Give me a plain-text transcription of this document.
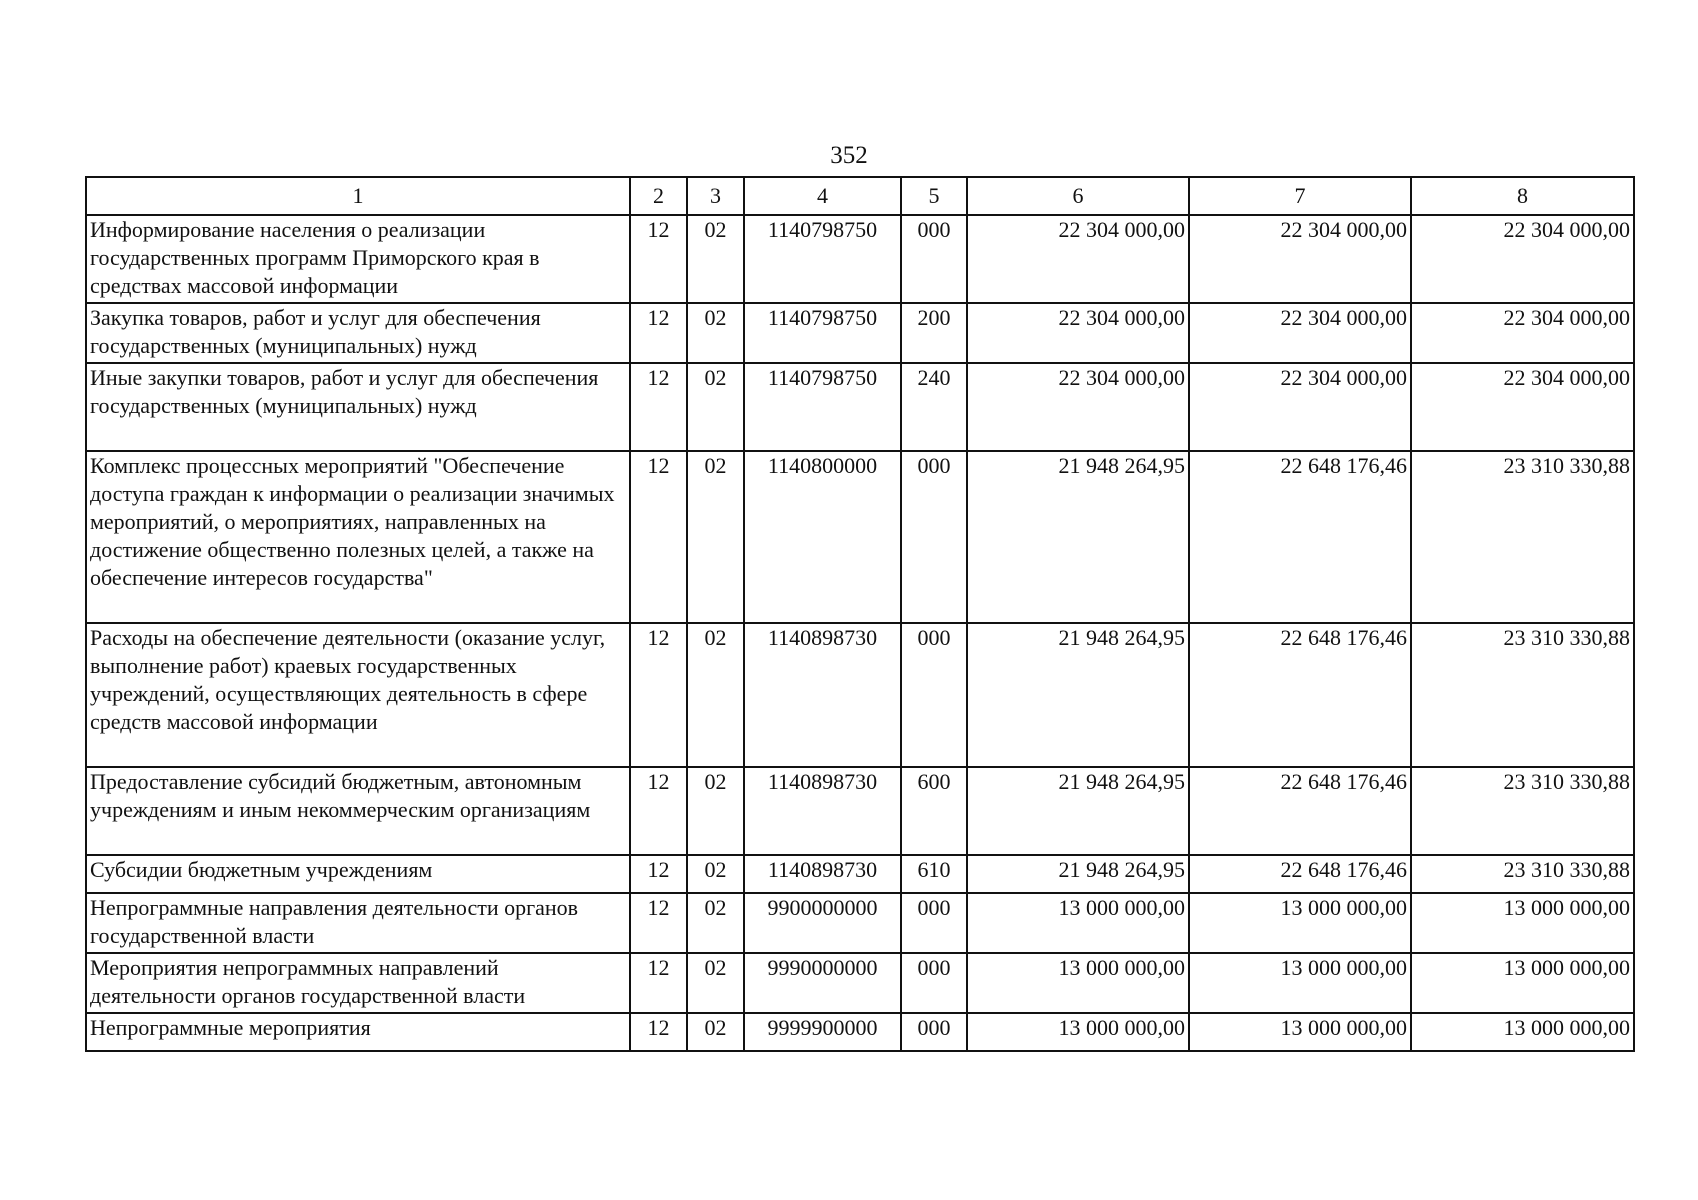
352
1	2	3	4	5	6	7	8
Информирование населения о реализации государственных программ Приморского края в средствах массовой информации	12	02	1140798750	000	22 304 000,00	22 304 000,00	22 304 000,00
Закупка товаров, работ и услуг для обеспечения государственных (муниципальных) нужд	12	02	1140798750	200	22 304 000,00	22 304 000,00	22 304 000,00
Иные закупки товаров, работ и услуг для обеспечения государственных (муниципальных) нужд	12	02	1140798750	240	22 304 000,00	22 304 000,00	22 304 000,00
Комплекс процессных мероприятий "Обеспечение доступа граждан к информации о реализации значимых мероприятий, о мероприятиях, направленных на достижение общественно полезных целей, а также на обеспечение интересов государства"	12	02	1140800000	000	21 948 264,95	22 648 176,46	23 310 330,88
Расходы на обеспечение деятельности (оказание услуг, выполнение работ) краевых государственных учреждений, осуществляющих деятельность в сфере средств массовой информации	12	02	1140898730	000	21 948 264,95	22 648 176,46	23 310 330,88
Предоставление субсидий бюджетным, автономным учреждениям и иным некоммерческим организациям	12	02	1140898730	600	21 948 264,95	22 648 176,46	23 310 330,88
Субсидии бюджетным учреждениям	12	02	1140898730	610	21 948 264,95	22 648 176,46	23 310 330,88
Непрограммные направления деятельности органов государственной власти	12	02	9900000000	000	13 000 000,00	13 000 000,00	13 000 000,00
Мероприятия непрограммных направлений деятельности органов государственной власти	12	02	9990000000	000	13 000 000,00	13 000 000,00	13 000 000,00
Непрограммные мероприятия	12	02	9999900000	000	13 000 000,00	13 000 000,00	13 000 000,00
